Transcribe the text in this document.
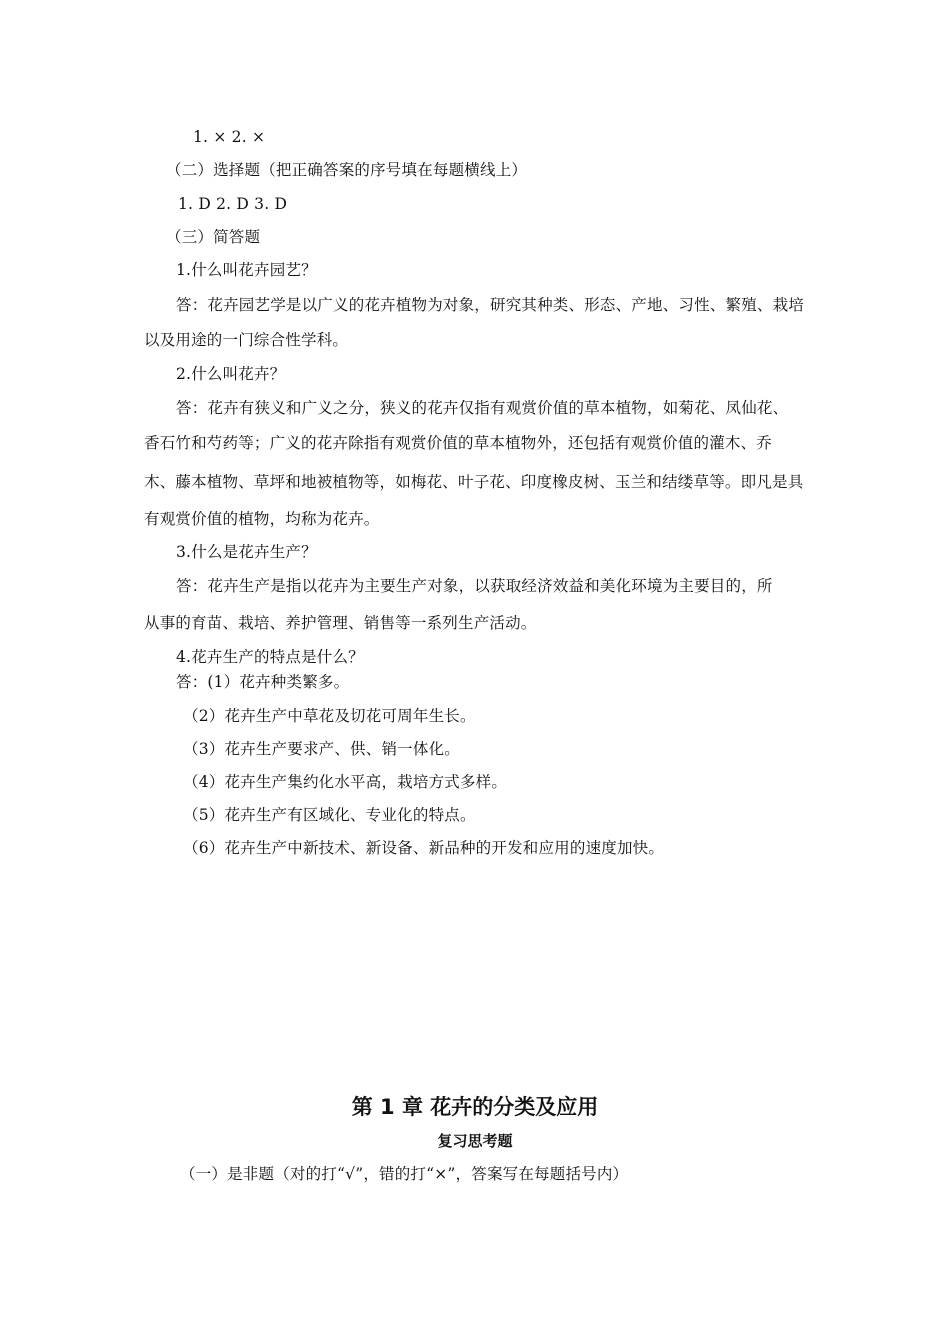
1. × 2. ×
（二）选择题（把正确答案的序号填在每题横线上）
1. D 2. D 3. D
（三）简答题
1.什么叫花卉园艺？
答：花卉园艺学是以广义的花卉植物为对象，研究其种类、形态、产地、习性、繁殖、栽培
以及用途的一门综合性学科。
2.什么叫花卉？
答：花卉有狭义和广义之分，狭义的花卉仅指有观赏价值的草本植物，如菊花、凤仙花、
香石竹和芍药等；广义的花卉除指有观赏价值的草本植物外，还包括有观赏价值的灌木、乔
木、藤本植物、草坪和地被植物等，如梅花、叶子花、印度橡皮树、玉兰和结缕草等。即凡是具
有观赏价值的植物，均称为花卉。
3.什么是花卉生产？
答：花卉生产是指以花卉为主要生产对象，以获取经济效益和美化环境为主要目的，所
从事的育苗、栽培、养护管理、销售等一系列生产活动。
4.花卉生产的特点是什么？
答：(1）花卉种类繁多。
（2）花卉生产中草花及切花可周年生长。
（3）花卉生产要求产、供、销一体化。
（4）花卉生产集约化水平高，栽培方式多样。
（5）花卉生产有区域化、专业化的特点。
（6）花卉生产中新技术、新设备、新品种的开发和应用的速度加快。
第 1 章 花卉的分类及应用
复习思考题
（一）是非题（对的打“√”，错的打“×”，答案写在每题括号内）
